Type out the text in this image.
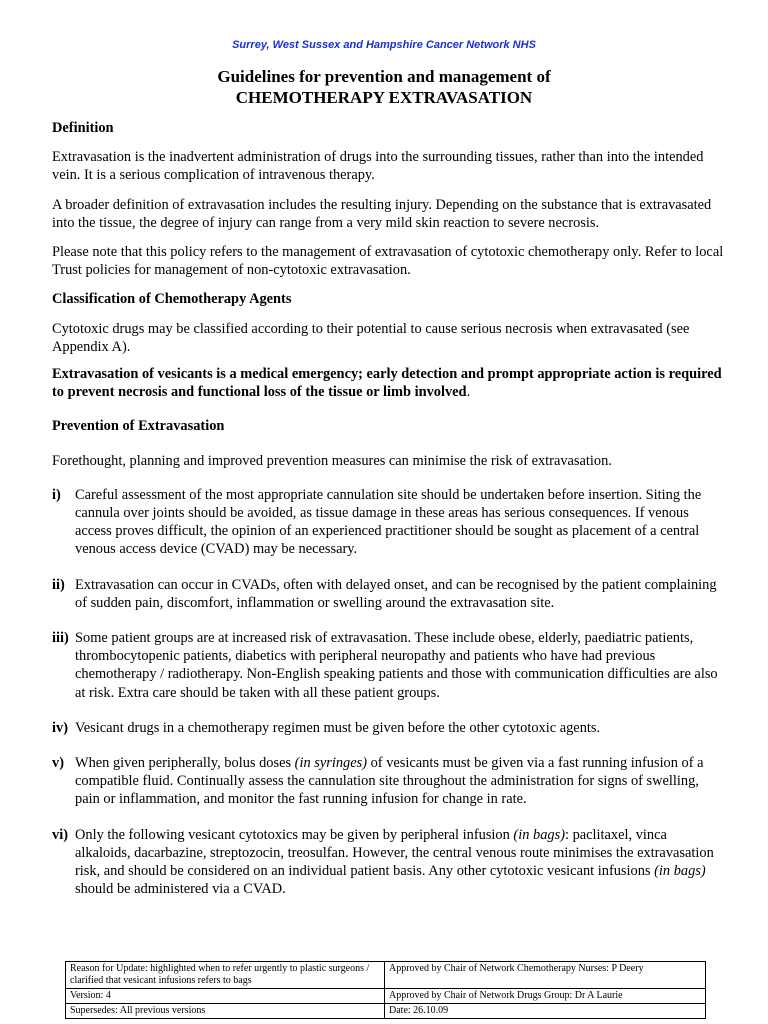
Surrey, West Sussex and Hampshire Cancer Network NHS
Guidelines for prevention and management of
CHEMOTHERAPY EXTRAVASATION
Definition

Extravasation is the inadvertent administration of drugs into the surrounding tissues, rather than into the intended vein. It is a serious complication of intravenous therapy.

A broader definition of extravasation includes the resulting injury. Depending on the substance that is extravasated into the tissue, the degree of injury can range from a very mild skin reaction to severe necrosis.

Please note that this policy refers to the management of extravasation of cytotoxic chemotherapy only. Refer to local Trust policies for management of non-cytotoxic extravasation.

Classification of Chemotherapy Agents

Cytotoxic drugs may be classified according to their potential to cause serious necrosis when extravasated (see Appendix A).

Extravasation of vesicants is a medical emergency; early detection and prompt appropriate action is required to prevent necrosis and functional loss of the tissue or limb involved.

Prevention of Extravasation

Forethought, planning and improved prevention measures can minimise the risk of extravasation.

i) Careful assessment of the most appropriate cannulation site should be undertaken before insertion. Siting the cannula over joints should be avoided, as tissue damage in these areas has serious consequences. If venous access proves difficult, the opinion of an experienced practitioner should be sought as placement of a central venous access device (CVAD) may be necessary.
ii) Extravasation can occur in CVADs, often with delayed onset, and can be recognised by the patient complaining of sudden pain, discomfort, inflammation or swelling around the extravasation site.
iii) Some patient groups are at increased risk of extravasation. These include obese, elderly, paediatric patients, thrombocytopenic patients, diabetics with peripheral neuropathy and patients who have had previous chemotherapy / radiotherapy. Non-English speaking patients and those with communication difficulties are also at risk. Extra care should be taken with all these patient groups.
iv) Vesicant drugs in a chemotherapy regimen must be given before the other cytotoxic agents.
v) When given peripherally, bolus doses (in syringes) of vesicants must be given via a fast running infusion of a compatible fluid. Continually assess the cannulation site throughout the administration for signs of swelling, pain or inflammation, and monitor the fast running infusion for change in rate.
vi) Only the following vesicant cytotoxics may be given by peripheral infusion (in bags): paclitaxel, vinca alkaloids, dacarbazine, streptozocin, treosulfan. However, the central venous route minimises the extravasation risk, and should be considered on an individual patient basis. Any other cytotoxic vesicant infusions (in bags) should be administered via a CVAD.
Reason for Update: highlighted when to refer urgently to plastic surgeons / clarified that vesicant infusions refers to bags	Approved by Chair of Network Chemotherapy Nurses: P Deery
Version: 4	Approved by Chair of Network Drugs Group: Dr A Laurie
Supersedes: All previous versions	Date: 26.10.09
